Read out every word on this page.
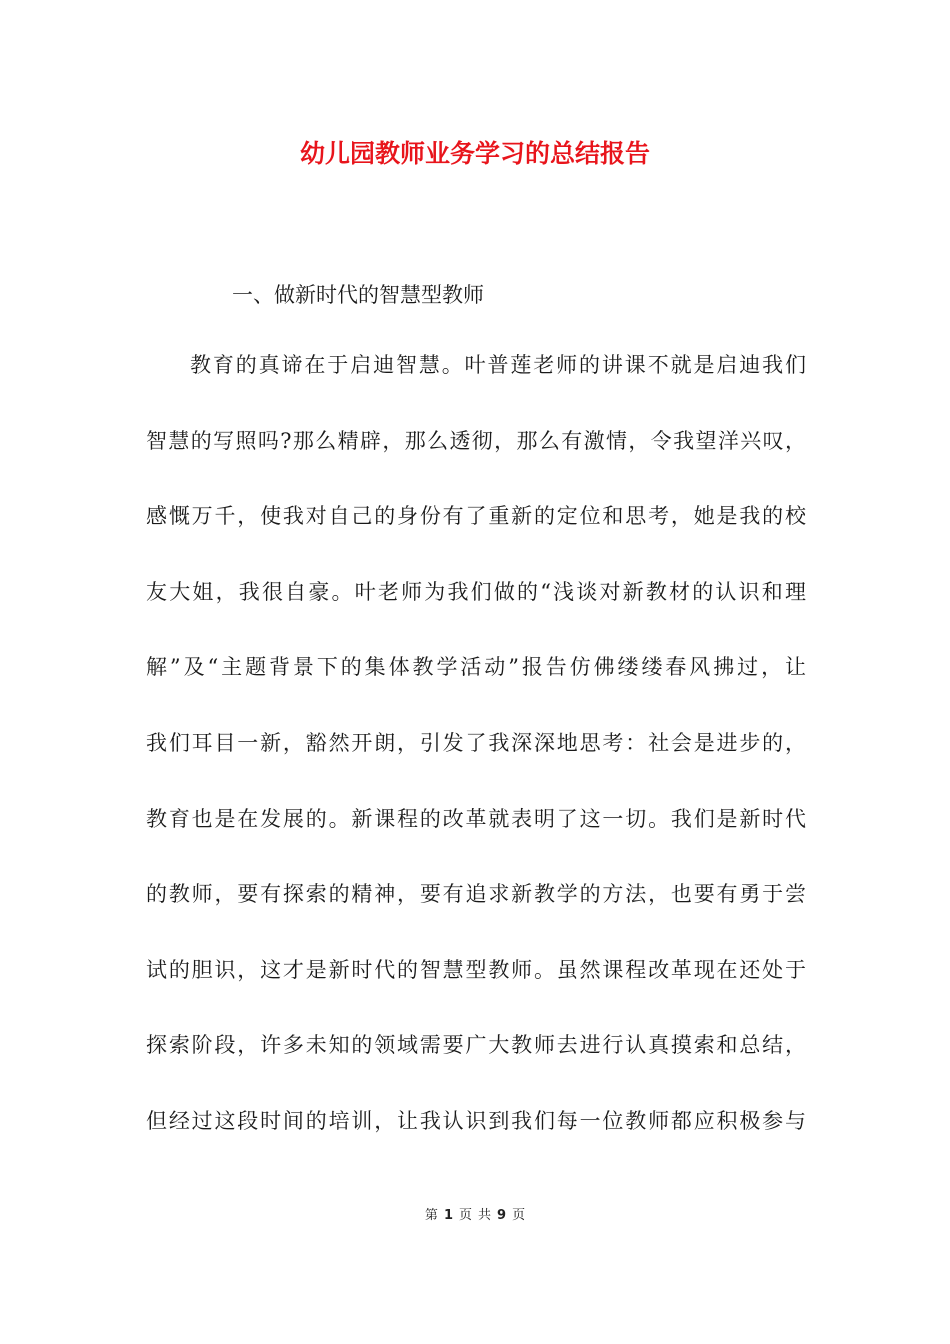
幼儿园教师业务学习的总结报告

一、做新时代的智慧型教师

教育的真谛在于启迪智慧。叶普莲老师的讲课不就是启迪我们
智慧的写照吗?那么精辟，那么透彻，那么有激情，令我望洋兴叹，
感慨万千，使我对自己的身份有了重新的定位和思考，她是我的校
友大姐，我很自豪。叶老师为我们做的“浅谈对新教材的认识和理
解”及“主题背景下的集体教学活动”报告仿佛缕缕春风拂过，让
我们耳目一新，豁然开朗，引发了我深深地思考：社会是进步的，
教育也是在发展的。新课程的改革就表明了这一切。我们是新时代
的教师，要有探索的精神，要有追求新教学的方法，也要有勇于尝
试的胆识，这才是新时代的智慧型教师。虽然课程改革现在还处于
探索阶段，许多未知的领域需要广大教师去进行认真摸索和总结，
但经过这段时间的培训，让我认识到我们每一位教师都应积极参与
第 1 页 共 9 页
